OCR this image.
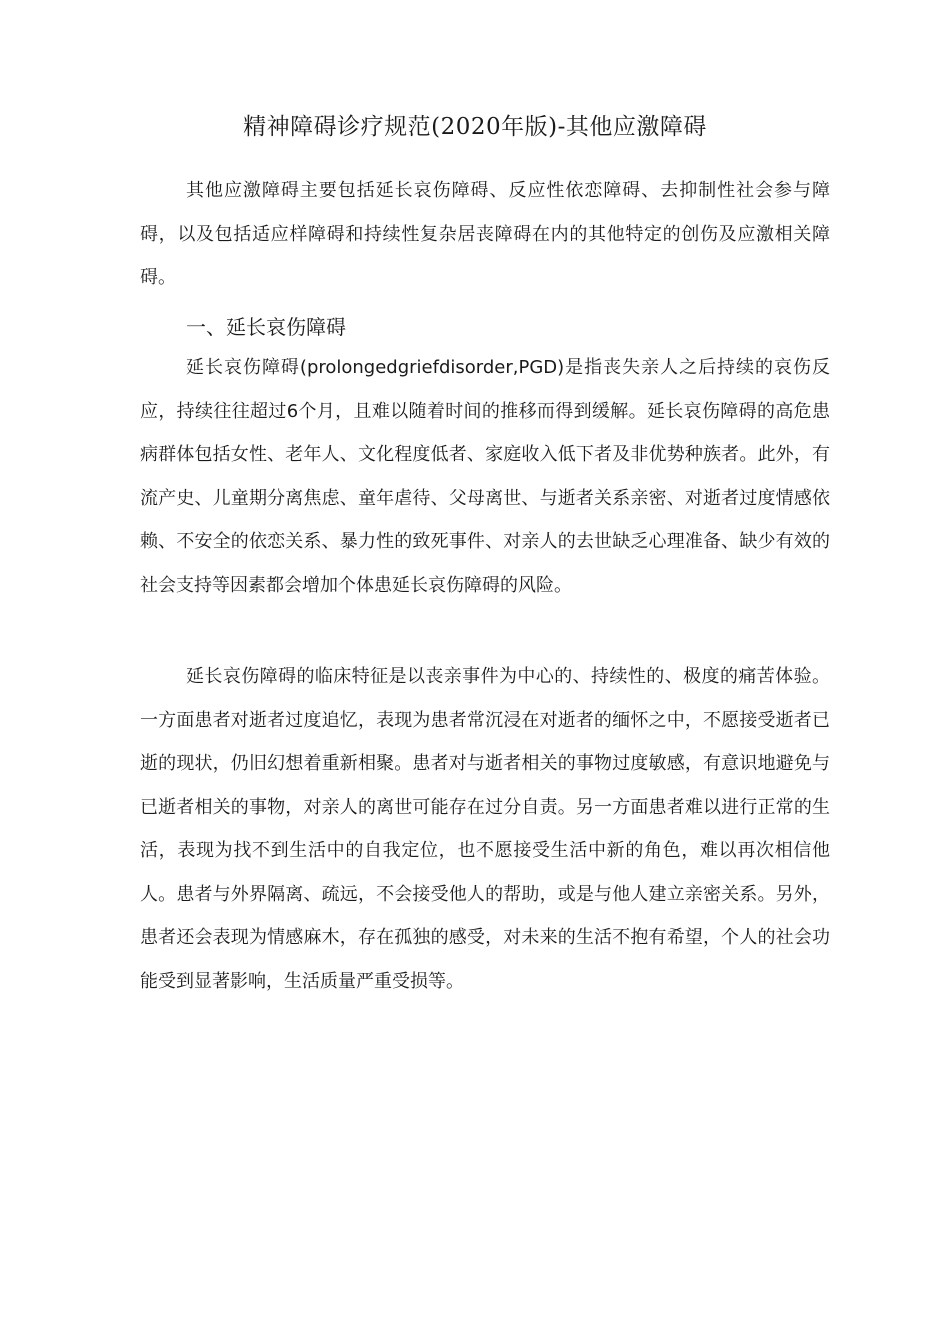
精神障碍诊疗规范(2020年版)-其他应激障碍

其他应激障碍主要包括延长哀伤障碍、反应性依恋障碍、去抑制性社会参与障碍，以及包括适应样障碍和持续性复杂居丧障碍在内的其他特定的创伤及应激相关障碍。

一、延长哀伤障碍

延长哀伤障碍(prolongedgriefdisorder,PGD)是指丧失亲人之后持续的哀伤反应，持续往往超过6个月，且难以随着时间的推移而得到缓解。延长哀伤障碍的高危患病群体包括女性、老年人、文化程度低者、家庭收入低下者及非优势种族者。此外，有流产史、儿童期分离焦虑、童年虐待、父母离世、与逝者关系亲密、对逝者过度情感依赖、不安全的依恋关系、暴力性的致死事件、对亲人的去世缺乏心理准备、缺少有效的社会支持等因素都会增加个体患延长哀伤障碍的风险。

延长哀伤障碍的临床特征是以丧亲事件为中心的、持续性的、极度的痛苦体验。一方面患者对逝者过度追忆，表现为患者常沉浸在对逝者的缅怀之中，不愿接受逝者已逝的现状，仍旧幻想着重新相聚。患者对与逝者相关的事物过度敏感，有意识地避免与已逝者相关的事物，对亲人的离世可能存在过分自责。另一方面患者难以进行正常的生活，表现为找不到生活中的自我定位，也不愿接受生活中新的角色，难以再次相信他人。患者与外界隔离、疏远，不会接受他人的帮助，或是与他人建立亲密关系。另外，患者还会表现为情感麻木，存在孤独的感受，对未来的生活不抱有希望，个人的社会功能受到显著影响，生活质量严重受损等。
